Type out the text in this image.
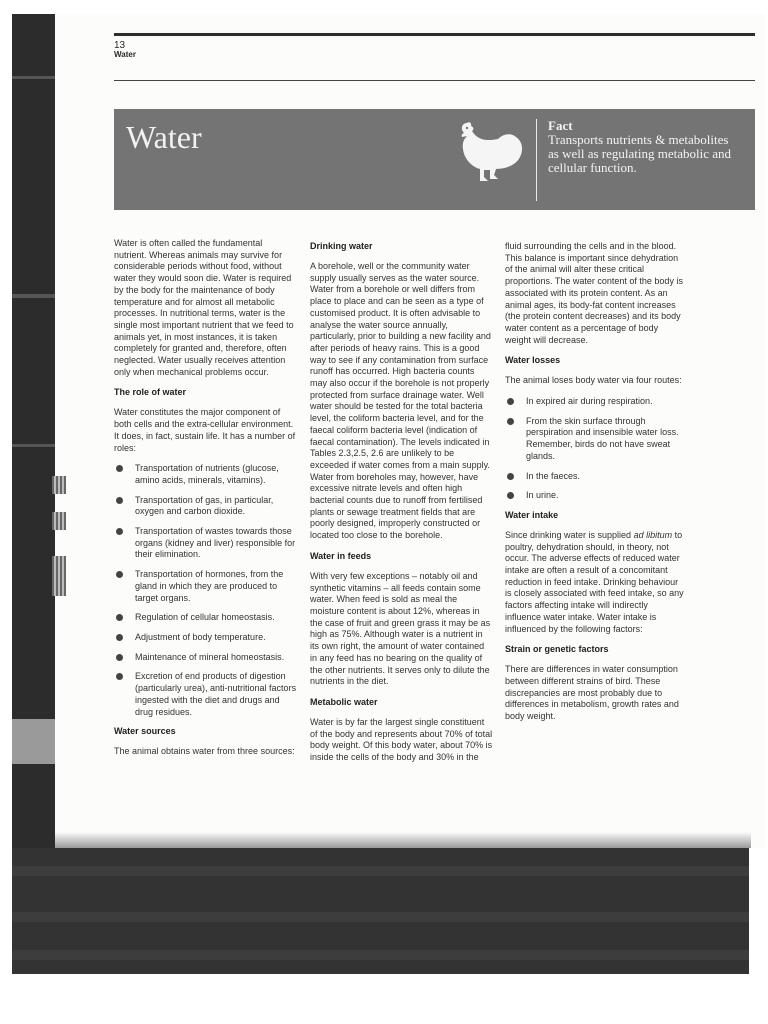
13
Water
Water	Fact
Transports nutrients & metabolites as well as regulating metabolic and cellular function.

Water is often called the fundamental nutrient. Whereas animals may survive for considerable periods without food, without water they would soon die. Water is required by the body for the maintenance of body temperature and for almost all metabolic processes. In nutritional terms, water is the single most important nutrient that we feed to animals yet, in most instances, it is taken completely for granted and, therefore, often neglected. Water usually receives attention only when mechanical problems occur.

The role of water

Water constitutes the major component of both cells and the extra-cellular environment. It does, in fact, sustain life. It has a number of roles:

Transportation of nutrients (glucose, amino acids, minerals, vitamins).
Transportation of gas, in particular, oxygen and carbon dioxide.
Transportation of wastes towards those organs (kidney and liver) responsible for their elimination.
Transportation of hormones, from the gland in which they are produced to target organs.
Regulation of cellular homeostasis.
Adjustment of body temperature.
Maintenance of mineral homeostasis.
Excretion of end products of digestion (particularly urea), anti-nutritional factors ingested with the diet and drugs and drug residues.
Water sources

The animal obtains water from three sources:

Drinking water

A borehole, well or the community water supply usually serves as the water source. Water from a borehole or well differs from place to place and can be seen as a type of customised product. It is often advisable to analyse the water source annually, particularly, prior to building a new facility and after periods of heavy rains. This is a good way to see if any contamination from surface runoff has occurred. High bacteria counts may also occur if the borehole is not properly protected from surface drainage water. Well water should be tested for the total bacteria level, the coliform bacteria level, and for the faecal coliform bacteria level (indication of faecal contamination). The levels indicated in Tables 2.3,2.5, 2.6 are unlikely to be exceeded if water comes from a main supply. Water from boreholes may, however, have excessive nitrate levels and often high bacterial counts due to runoff from fertilised plants or sewage treatment fields that are poorly designed, improperly constructed or located too close to the borehole.

Water in feeds

With very few exceptions – notably oil and synthetic vitamins – all feeds contain some water. When feed is sold as meal the moisture content is about 12%, whereas in the case of fruit and green grass it may be as high as 75%. Although water is a nutrient in its own right, the amount of water contained in any feed has no bearing on the quality of the other nutrients. It serves only to dilute the nutrients in the diet.

Metabolic water

Water is by far the largest single constituent of the body and represents about 70% of total body weight. Of this body water, about 70% is inside the cells of the body and 30% in the

fluid surrounding the cells and in the blood. This balance is important since dehydration of the animal will alter these critical proportions. The water content of the body is associated with its protein content. As an animal ages, its body-fat content increases (the protein content decreases) and its body water content as a percentage of body weight will decrease.

Water losses

The animal loses body water via four routes:

In expired air during respiration.
From the skin surface through perspiration and insensible water loss. Remember, birds do not have sweat glands.
In the faeces.
In urine.
Water intake

Since drinking water is supplied ad libitum to poultry, dehydration should, in theory, not occur. The adverse effects of reduced water intake are often a result of a concomitant reduction in feed intake. Drinking behaviour is closely associated with feed intake, so any factors affecting intake will indirectly influence water intake. Water intake is influenced by the following factors:

Strain or genetic factors

There are differences in water consumption between different strains of bird. These discrepancies are most probably due to differences in metabolism, growth rates and body weight.
